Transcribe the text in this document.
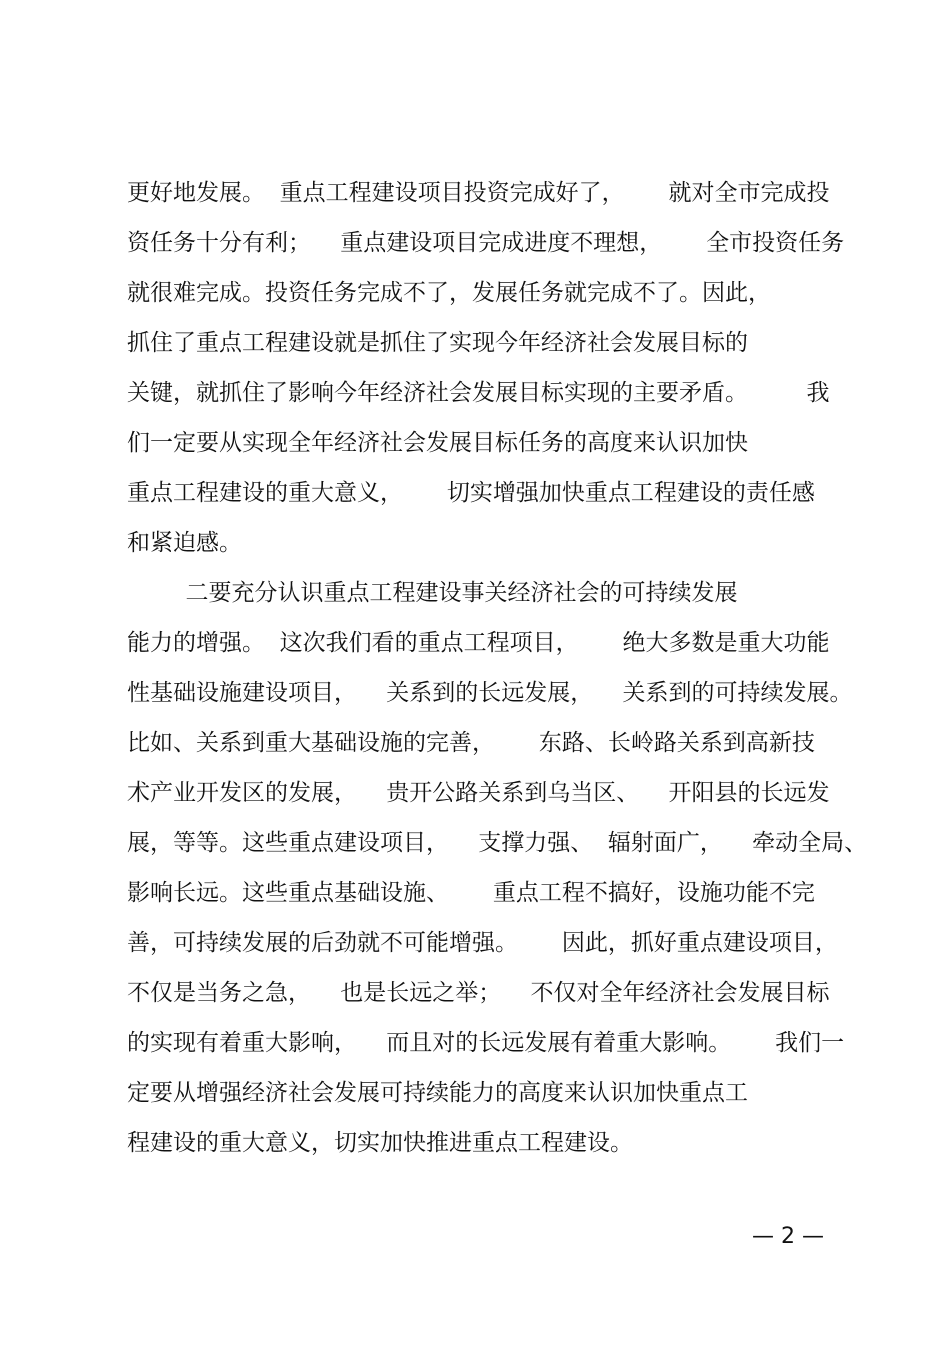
更好地发展。  重点工程建设项目投资完成好了，      就对全市完成投
资任务十分有利；    重点建设项目完成进度不理想，      全市投资任务
就很难完成。投资任务完成不了，发展任务就完成不了。因此，
抓住了重点工程建设就是抓住了实现今年经济社会发展目标的
关键，就抓住了影响今年经济社会发展目标实现的主要矛盾。        我
们一定要从实现全年经济社会发展目标任务的高度来认识加快
重点工程建设的重大意义，      切实增强加快重点工程建设的责任感
和紧迫感。
二要充分认识重点工程建设事关经济社会的可持续发展
能力的增强。  这次我们看的重点工程项目，      绝大多数是重大功能
性基础设施建设项目，    关系到的长远发展，    关系到的可持续发展。
比如、关系到重大基础设施的完善，      东路、长岭路关系到高新技
术产业开发区的发展，    贵开公路关系到乌当区、    开阳县的长远发
展，等等。这些重点建设项目，    支撑力强、  辐射面广，    牵动全局、
影响长远。这些重点基础设施、      重点工程不搞好，设施功能不完
善，可持续发展的后劲就不可能增强。      因此，抓好重点建设项目，
不仅是当务之急，    也是长远之举；    不仅对全年经济社会发展目标
的实现有着重大影响，    而且对的长远发展有着重大影响。      我们一
定要从增强经济社会发展可持续能力的高度来认识加快重点工
程建设的重大意义，切实加快推进重点工程建设。
— 2 —
